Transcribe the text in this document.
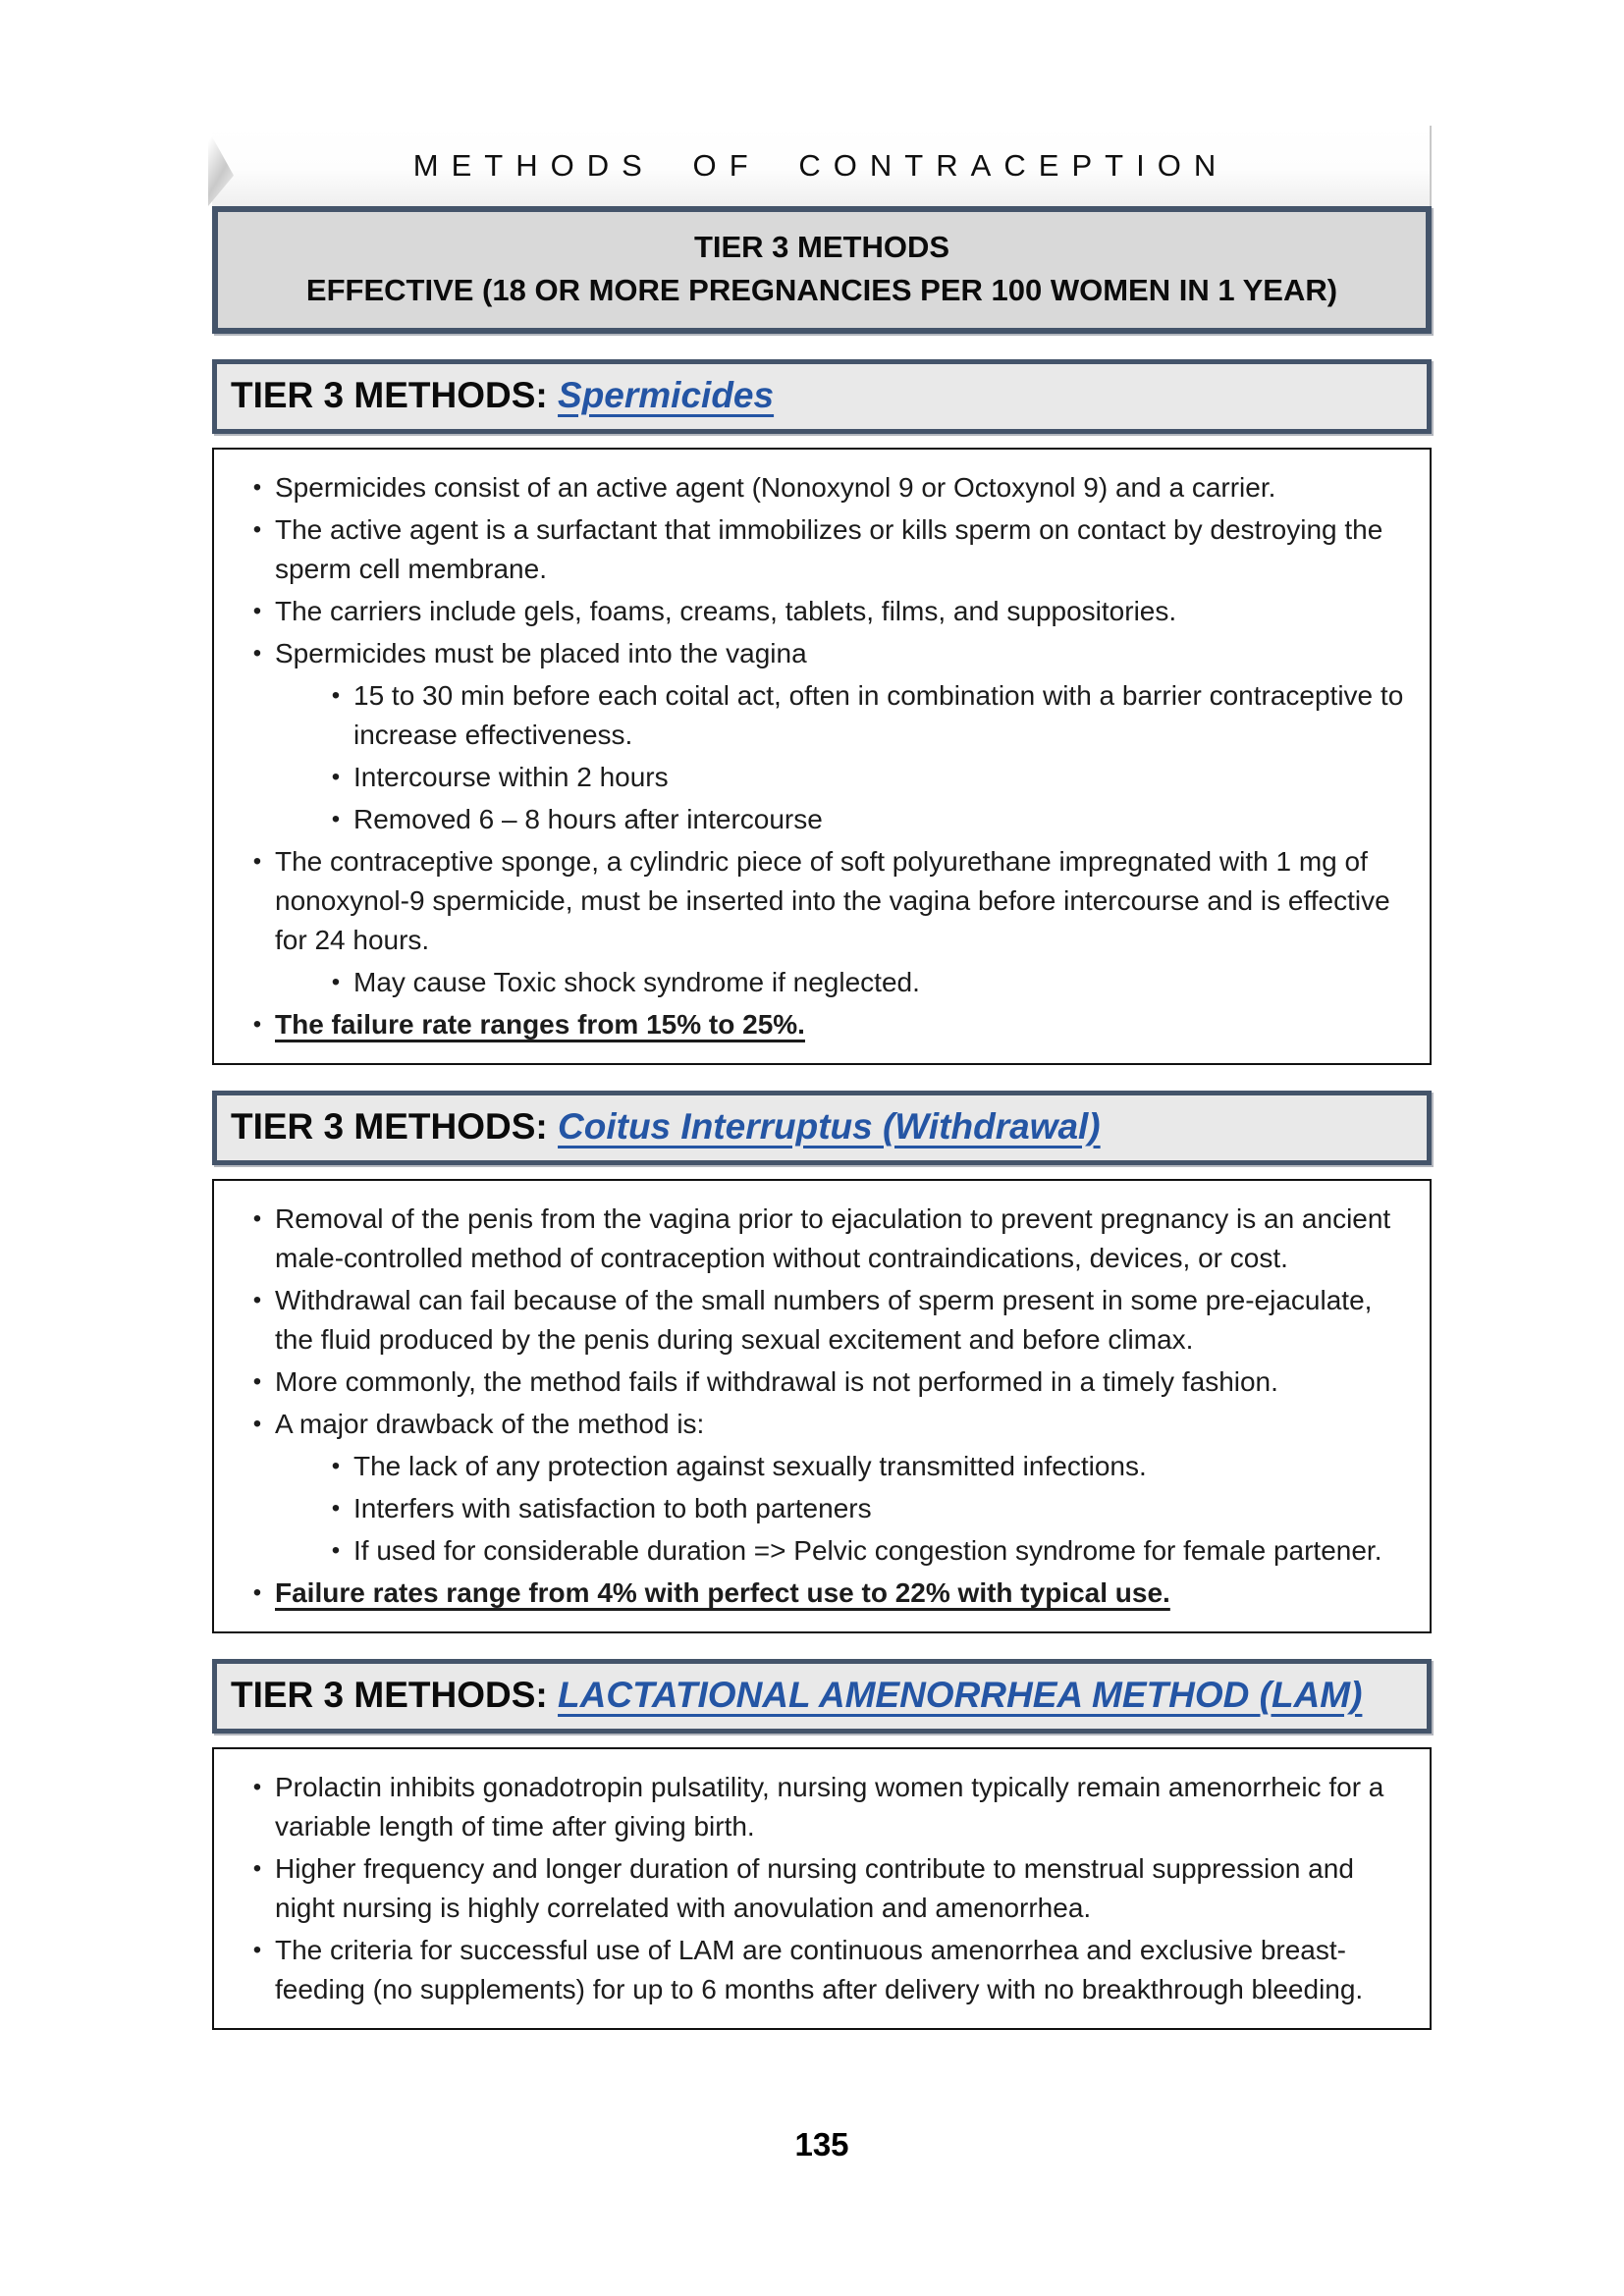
METHODS OF CONTRACEPTION
TIER 3 METHODS
EFFECTIVE (18 OR MORE PREGNANCIES PER 100 WOMEN IN 1 YEAR)
TIER 3 METHODS: Spermicides
• Spermicides consist of an active agent (Nonoxynol 9 or Octoxynol 9) and a carrier.
• The active agent is a surfactant that immobilizes or kills sperm on contact by destroying the sperm cell membrane.
• The carriers include gels, foams, creams, tablets, films, and suppositories.
• Spermicides must be placed into the vagina
• 15 to 30 min before each coital act, often in combination with a barrier contraceptive to increase effectiveness.
• Intercourse within 2 hours
• Removed 6 – 8 hours after intercourse
• The contraceptive sponge, a cylindric piece of soft polyurethane impregnated with 1 mg of nonoxynol-9 spermicide, must be inserted into the vagina before intercourse and is effective for 24 hours.
• May cause Toxic shock syndrome if neglected.
• The failure rate ranges from 15% to 25%.
TIER 3 METHODS: Coitus Interruptus (Withdrawal)
• Removal of the penis from the vagina prior to ejaculation to prevent pregnancy is an ancient male-controlled method of contraception without contraindications, devices, or cost.
• Withdrawal can fail because of the small numbers of sperm present in some pre-ejaculate, the fluid produced by the penis during sexual excitement and before climax.
• More commonly, the method fails if withdrawal is not performed in a timely fashion.
• A major drawback of the method is:
• The lack of any protection against sexually transmitted infections.
• Interfers with satisfaction to both parteners
• If used for considerable duration => Pelvic congestion syndrome for female partener.
• Failure rates range from 4% with perfect use to 22% with typical use.
TIER 3 METHODS: LACTATIONAL AMENORRHEA METHOD (LAM)
• Prolactin inhibits gonadotropin pulsatility, nursing women typically remain amenorrheic for a variable length of time after giving birth.
• Higher frequency and longer duration of nursing contribute to menstrual suppression and night nursing is highly correlated with anovulation and amenorrhea.
• The criteria for successful use of LAM are continuous amenorrhea and exclusive breast-feeding (no supplements) for up to 6 months after delivery with no breakthrough bleeding.
135
